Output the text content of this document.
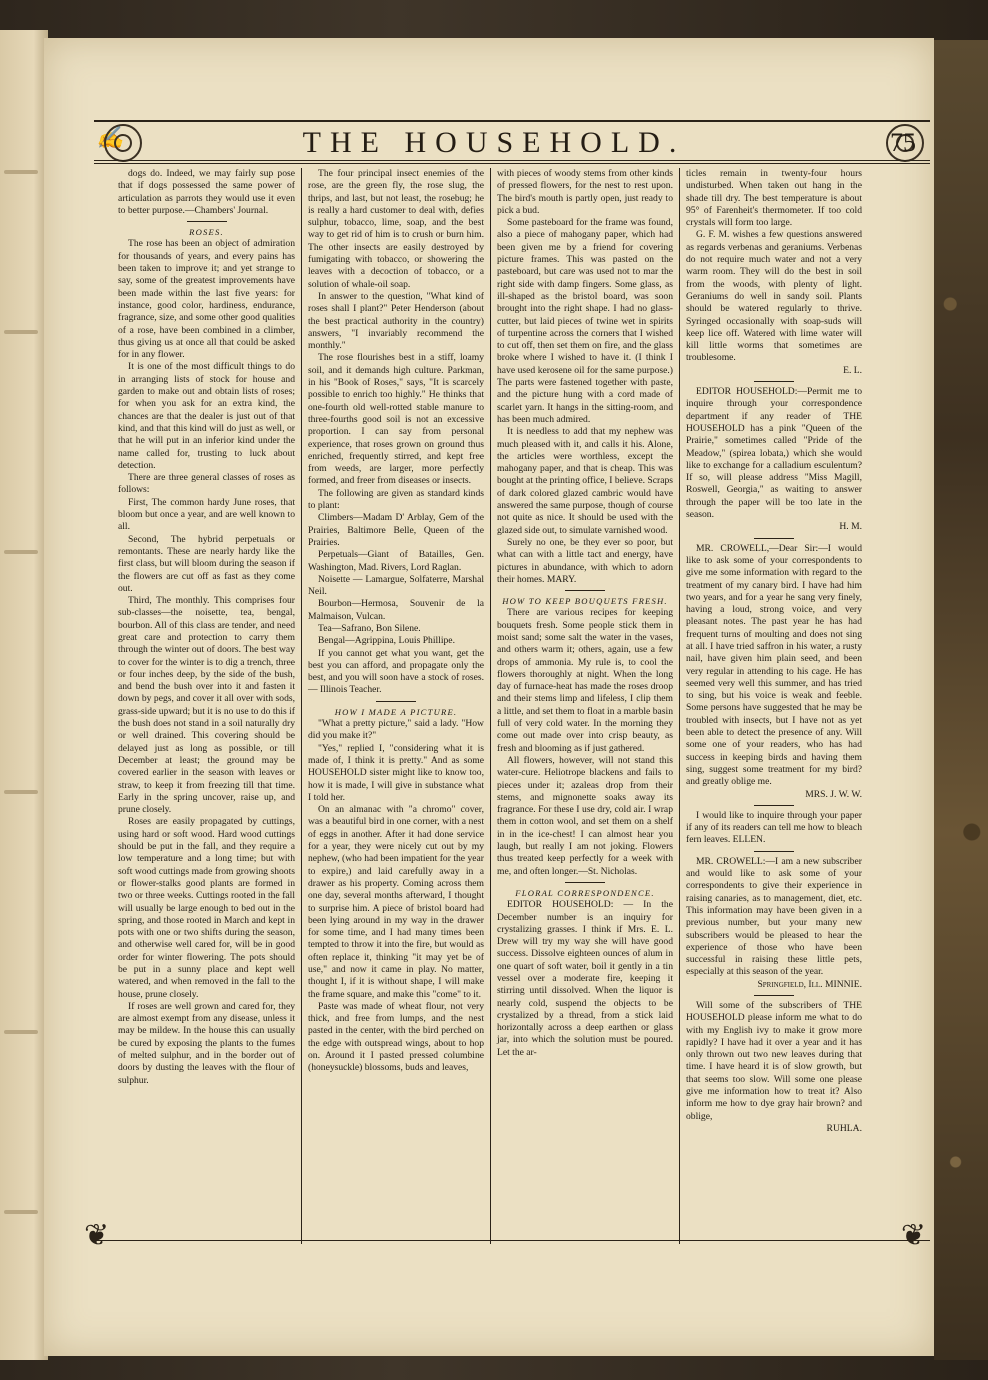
✍	THE HOUSEHOLD.	75

dogs do. Indeed, we may fairly sup pose that if dogs possessed the same power of articulation as parrots they would use it even to better purpose.—Chambers' Journal.

ROSES.

The rose has been an object of admiration for thousands of years, and every pains has been taken to improve it; and yet strange to say, some of the greatest improvements have been made within the last five years: for instance, good color, hardiness, endurance, fragrance, size, and some other good qualities of a rose, have been combined in a climber, thus giving us at once all that could be asked for in any flower.

It is one of the most difficult things to do in arranging lists of stock for house and garden to make out and obtain lists of roses; for when you ask for an extra kind, the chances are that the dealer is just out of that kind, and that this kind will do just as well, or that he will put in an inferior kind under the name called for, trusting to luck about detection.

There are three general classes of roses as follows:

First, The common hardy June roses, that bloom but once a year, and are well known to all.

Second, The hybrid perpetuals or remontants. These are nearly hardy like the first class, but will bloom during the season if the flowers are cut off as fast as they come out.

Third, The monthly. This comprises four sub-classes—the noisette, tea, bengal, bourbon. All of this class are tender, and need great care and protection to carry them through the winter out of doors. The best way to cover for the winter is to dig a trench, three or four inches deep, by the side of the bush, and bend the bush over into it and fasten it down by pegs, and cover it all over with sods, grass-side upward; but it is no use to do this if the bush does not stand in a soil naturally dry or well drained. This covering should be delayed just as long as possible, or till December at least; the ground may be covered earlier in the season with leaves or straw, to keep it from freezing till that time. Early in the spring uncover, raise up, and prune closely.

Roses are easily propagated by cuttings, using hard or soft wood. Hard wood cuttings should be put in the fall, and they require a low temperature and a long time; but with soft wood cuttings made from growing shoots or flower-stalks good plants are formed in two or three weeks. Cuttings rooted in the fall will usually be large enough to bed out in the spring, and those rooted in March and kept in pots with one or two shifts during the season, and otherwise well cared for, will be in good order for winter flowering. The pots should be put in a sunny place and kept well watered, and when removed in the fall to the house, prune closely.

If roses are well grown and cared for, they are almost exempt from any disease, unless it may be mildew. In the house this can usually be cured by exposing the plants to the fumes of melted sulphur, and in the border out of doors by dusting the leaves with the flour of sulphur.

The four principal insect enemies of the rose, are the green fly, the rose slug, the thrips, and last, but not least, the rosebug; he is really a hard customer to deal with, defies sulphur, tobacco, lime, soap, and the best way to get rid of him is to crush or burn him. The other insects are easily destroyed by fumigating with tobacco, or showering the leaves with a decoction of tobacco, or a solution of whale-oil soap.

In answer to the question, "What kind of roses shall I plant?" Peter Henderson (about the best practical authority in the country) answers, "I invariably recommend the monthly."

The rose flourishes best in a stiff, loamy soil, and it demands high culture. Parkman, in his "Book of Roses," says, "It is scarcely possible to enrich too highly." He thinks that one-fourth old well-rotted stable manure to three-fourths good soil is not an excessive proportion. I can say from personal experience, that roses grown on ground thus enriched, frequently stirred, and kept free from weeds, are larger, more perfectly formed, and freer from diseases or insects.

The following are given as standard kinds to plant:

Climbers—Madam D' Arblay, Gem of the Prairies, Baltimore Belle, Queen of the Prairies.

Perpetuals—Giant of Batailles, Gen. Washington, Mad. Rivers, Lord Raglan.

Noisette — Lamargue, Solfaterre, Marshal Neil.

Bourbon—Hermosa, Souvenir de la Malmaison, Vulcan.

Tea—Safrano, Bon Silene.

Bengal—Agrippina, Louis Phillipe.

If you cannot get what you want, get the best you can afford, and propagate only the best, and you will soon have a stock of roses. — Illinois Teacher.

HOW I MADE A PICTURE.

"What a pretty picture," said a lady. "How did you make it?"

"Yes," replied I, "considering what it is made of, I think it is pretty." And as some HOUSEHOLD sister might like to know too, how it is made, I will give in substance what I told her.

On an almanac with "a chromo" cover, was a beautiful bird in one corner, with a nest of eggs in another. After it had done service for a year, they were nicely cut out by my nephew, (who had been impatient for the year to expire,) and laid carefully away in a drawer as his property. Coming across them one day, several months afterward, I thought to surprise him. A piece of bristol board had been lying around in my way in the drawer for some time, and I had many times been tempted to throw it into the fire, but would as often replace it, thinking "it may yet be of use," and now it came in play. No matter, thought I, if it is without shape, I will make the frame square, and make this "come" to it.

Paste was made of wheat flour, not very thick, and free from lumps, and the nest pasted in the center, with the bird perched on the edge with outspread wings, about to hop on. Around it I pasted pressed columbine (honeysuckle) blossoms, buds and leaves,

with pieces of woody stems from other kinds of pressed flowers, for the nest to rest upon. The bird's mouth is partly open, just ready to pick a bud.

Some pasteboard for the frame was found, also a piece of mahogany paper, which had been given me by a friend for covering picture frames. This was pasted on the pasteboard, but care was used not to mar the right side with damp fingers. Some glass, as ill-shaped as the bristol board, was soon brought into the right shape. I had no glass-cutter, but laid pieces of twine wet in spirits of turpentine across the corners that I wished to cut off, then set them on fire, and the glass broke where I wished to have it. (I think I have used kerosene oil for the same purpose.) The parts were fastened together with paste, and the picture hung with a cord made of scarlet yarn. It hangs in the sitting-room, and has been much admired.

It is needless to add that my nephew was much pleased with it, and calls it his. Alone, the articles were worthless, except the mahogany paper, and that is cheap. This was bought at the printing office, I believe. Scraps of dark colored glazed cambric would have answered the same purpose, though of course not quite as nice. It should be used with the glazed side out, to simulate varnished wood.

Surely no one, be they ever so poor, but what can with a little tact and energy, have pictures in abundance, with which to adorn their homes. MARY.

HOW TO KEEP BOUQUETS FRESH.

There are various recipes for keeping bouquets fresh. Some people stick them in moist sand; some salt the water in the vases, and others warm it; others, again, use a few drops of ammonia. My rule is, to cool the flowers thoroughly at night. When the long day of furnace-heat has made the roses droop and their stems limp and lifeless, I clip them a little, and set them to float in a marble basin full of very cold water. In the morning they come out made over into crisp beauty, as fresh and blooming as if just gathered.

All flowers, however, will not stand this water-cure. Heliotrope blackens and fails to pieces under it; azaleas drop from their stems, and mignonette soaks away its fragrance. For these I use dry, cold air. I wrap them in cotton wool, and set them on a shelf in in the ice-chest! I can almost hear you laugh, but really I am not joking. Flowers thus treated keep perfectly for a week with me, and often longer.—St. Nicholas.

FLORAL CORRESPONDENCE.

EDITOR HOUSEHOLD: — In the December number is an inquiry for crystalizing grasses. I think if Mrs. E. L. Drew will try my way she will have good success. Dissolve eighteen ounces of alum in one quart of soft water, boil it gently in a tin vessel over a moderate fire, keeping it stirring until dissolved. When the liquor is nearly cold, suspend the objects to be crystalized by a thread, from a stick laid horizontally across a deep earthen or glass jar, into which the solution must be poured. Let the ar-

ticles remain in twenty-four hours undisturbed. When taken out hang in the shade till dry. The best temperature is about 95° of Farenheit's thermometer. If too cold crystals will form too large.

G. F. M. wishes a few questions answered as regards verbenas and geraniums. Verbenas do not require much water and not a very warm room. They will do the best in soil from the woods, with plenty of light. Geraniums do well in sandy soil. Plants should be watered regularly to thrive. Syringed occasionally with soap-suds will keep lice off. Watered with lime water will kill little worms that sometimes are troublesome.

E. L.

EDITOR HOUSEHOLD:—Permit me to inquire through your correspondence department if any reader of THE HOUSEHOLD has a pink "Queen of the Prairie," sometimes called "Pride of the Meadow," (spirea lobata,) which she would like to exchange for a calladium esculentum? If so, will please address "Miss Magill, Roswell, Georgia," as waiting to answer through the paper will be too late in the season.

H. M.

MR. CROWELL,—Dear Sir:—I would like to ask some of your correspondents to give me some information with regard to the treatment of my canary bird. I have had him two years, and for a year he sang very finely, having a loud, strong voice, and very pleasant notes. The past year he has had frequent turns of moulting and does not sing at all. I have tried saffron in his water, a rusty nail, have given him plain seed, and been very regular in attending to his cage. He has seemed very well this summer, and has tried to sing, but his voice is weak and feeble. Some persons have suggested that he may be troubled with insects, but I have not as yet been able to detect the presence of any. Will some one of your readers, who has had success in keeping birds and having them sing, suggest some treatment for my bird? and greatly oblige me.

MRS. J. W. W.

I would like to inquire through your paper if any of its readers can tell me how to bleach fern leaves. ELLEN.

MR. CROWELL:—I am a new subscriber and would like to ask some of your correspondents to give their experience in raising canaries, as to management, diet, etc. This information may have been given in a previous number, but your many new subscribers would be pleased to hear the experience of those who have been successful in raising these little pets, especially at this season of the year.

Springfield, Ill. MINNIE.

Will some of the subscribers of THE HOUSEHOLD please inform me what to do with my English ivy to make it grow more rapidly? I have had it over a year and it has only thrown out two new leaves during that time. I have heard it is of slow growth, but that seems too slow. Will some one please give me information how to treat it? Also inform me how to dye gray hair brown? and oblige,

RUHLA.

❦	❦
